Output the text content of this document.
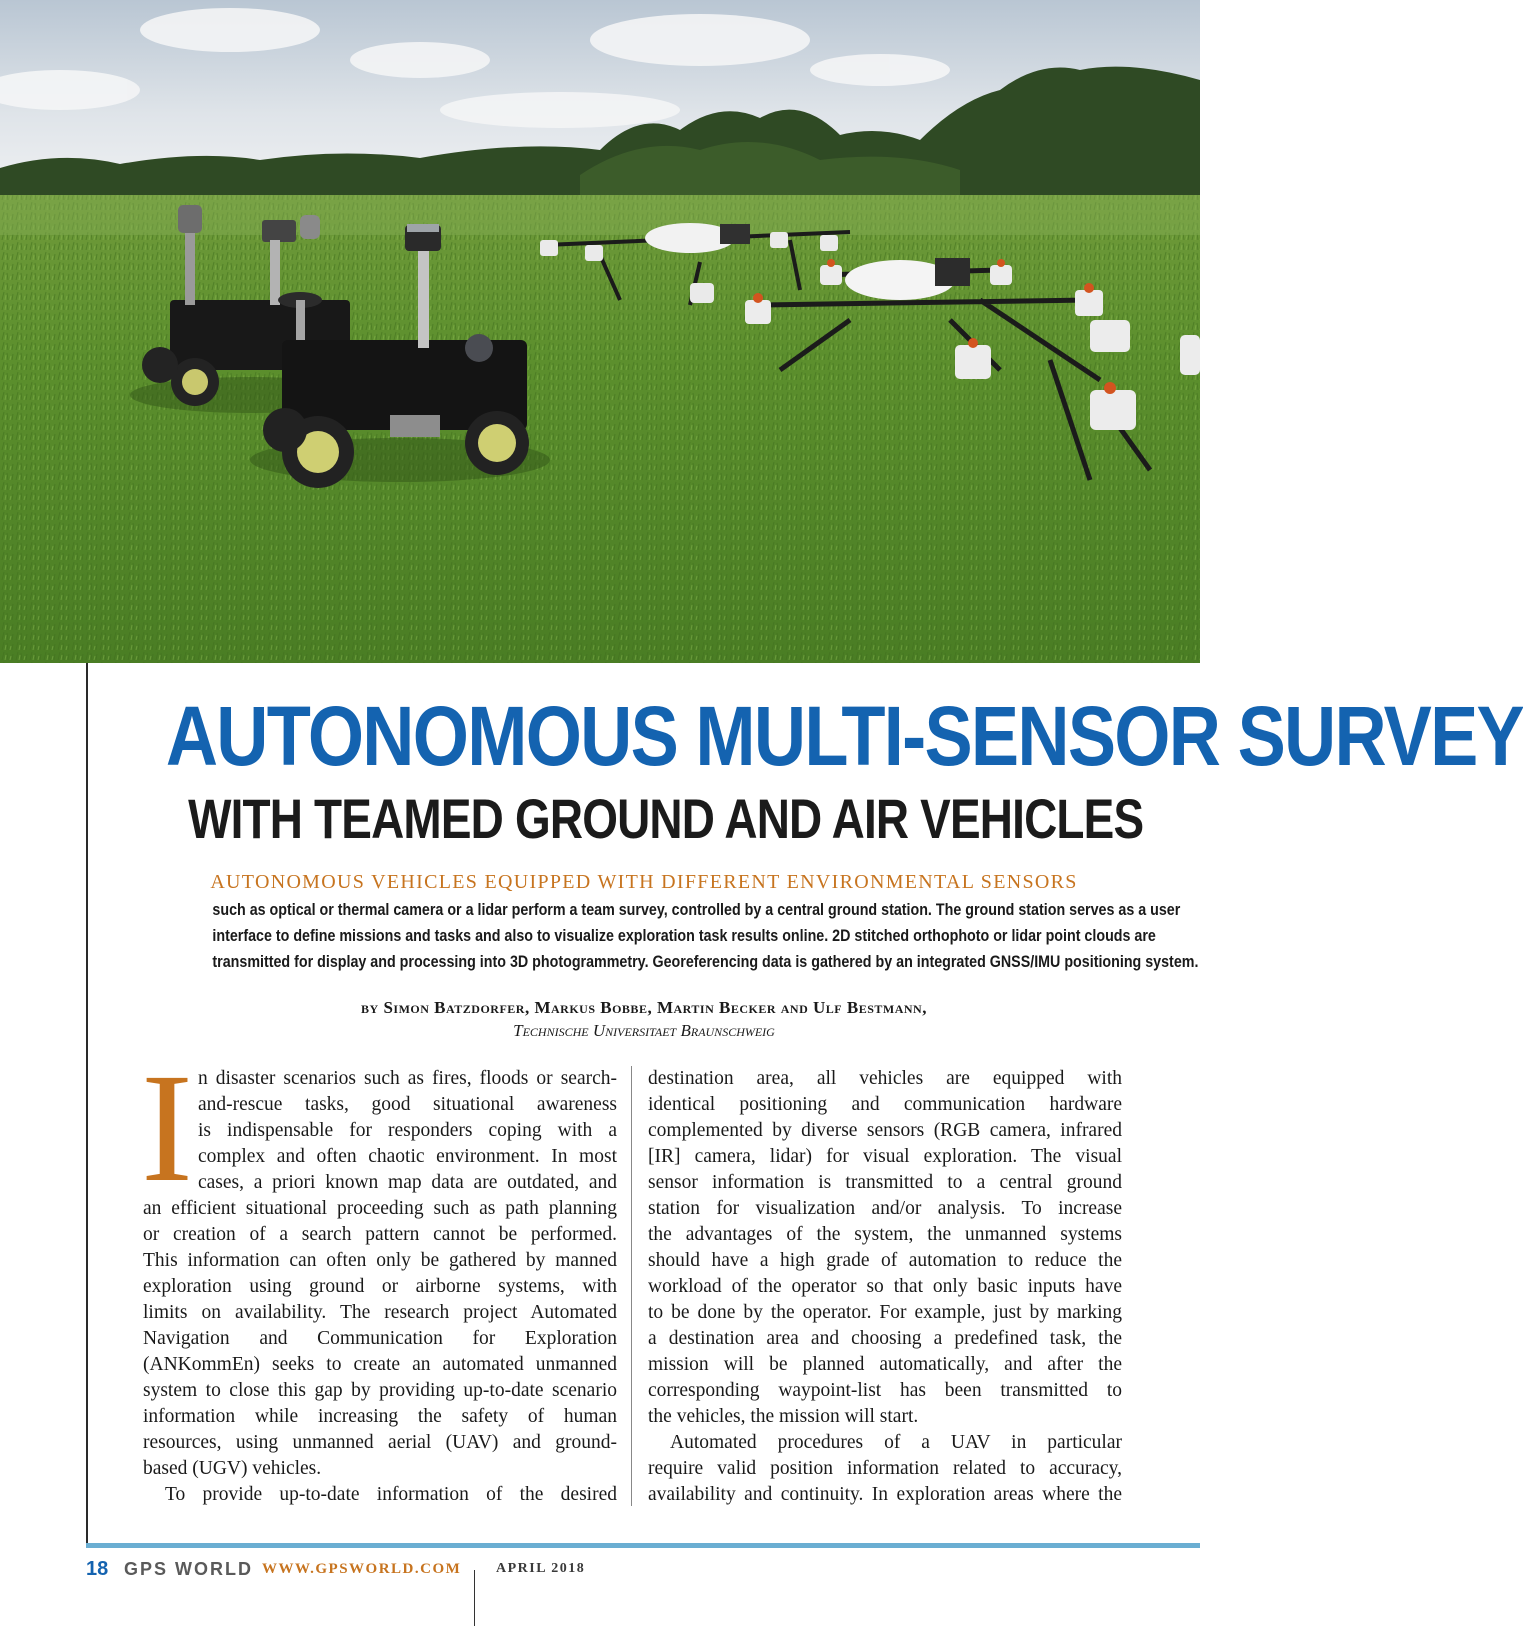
AUTONOMOUS MULTI-SENSOR SURVEY
WITH TEAMED GROUND AND AIR VEHICLES
AUTONOMOUS VEHICLES EQUIPPED WITH DIFFERENT ENVIRONMENTAL SENSORS
such as optical or thermal camera or a lidar perform a team survey, controlled by a central ground station. The ground station serves as a user
interface to define missions and tasks and also to visualize exploration task results online. 2D stitched orthophoto or lidar point clouds are
transmitted for display and processing into 3D photogrammetry. Georeferencing data is gathered by an integrated GNSS/IMU positioning system.
by Simon Batzdorfer, Markus Bobbe, Martin Becker and Ulf Bestmann,
Technische Universitaet Braunschweig
I n disaster scenarios such as fires, floods or search-
and-rescue tasks, good situational awareness
is indispensable for responders coping with a
complex and often chaotic environment. In most
cases, a priori known map data are outdated, and
an efficient situational proceeding such as path planning
or creation of a search pattern cannot be performed.
This information can often only be gathered by manned
exploration using ground or airborne systems, with
limits on availability. The research project Automated
Navigation and Communication for Exploration
(ANKommEn) seeks to create an automated unmanned
system to close this gap by providing up-to-date scenario
information while increasing the safety of human
resources, using unmanned aerial (UAV) and ground-
based (UGV) vehicles.
To provide up-to-date information of the desired
destination area, all vehicles are equipped with
identical positioning and communication hardware
complemented by diverse sensors (RGB camera, infrared
[IR] camera, lidar) for visual exploration. The visual
sensor information is transmitted to a central ground
station for visualization and/or analysis. To increase
the advantages of the system, the unmanned systems
should have a high grade of automation to reduce the
workload of the operator so that only basic inputs have
to be done by the operator. For example, just by marking
a destination area and choosing a predefined task, the
mission will be planned automatically, and after the
corresponding waypoint-list has been transmitted to
the vehicles, the mission will start.
Automated procedures of a UAV in particular
require valid position information related to accuracy,
availability and continuity. In exploration areas where the
18 GPS WORLD WWW.GPSWORLD.COM APRIL 2018
